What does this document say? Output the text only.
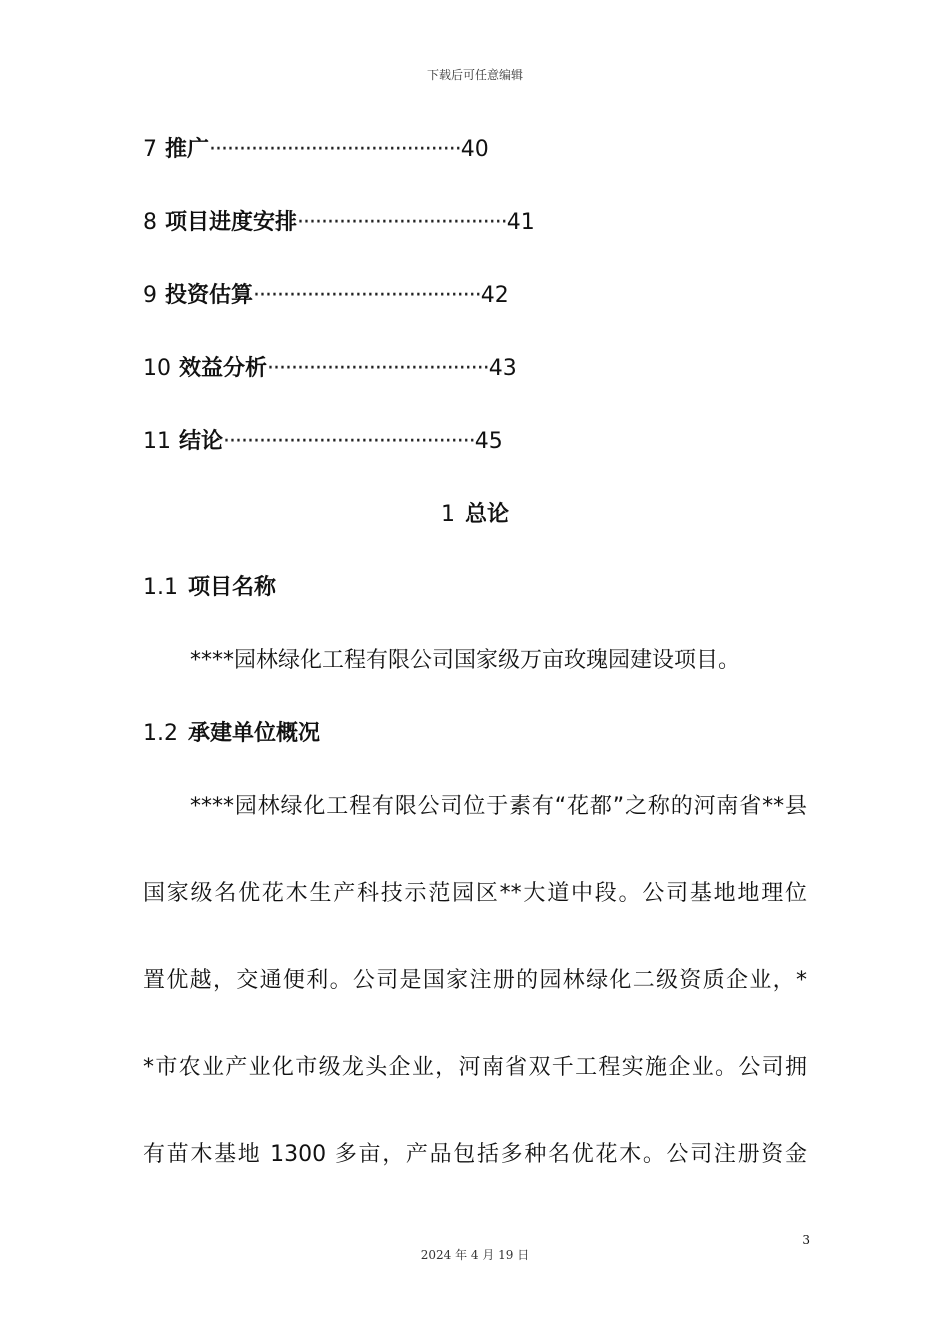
下载后可任意编辑
7 推广··········································40
8 项目进度安排···································41
9 投资估算······································42
10 效益分析·····································43
11 结论··········································45
1 总论
1.1 项目名称
****园林绿化工程有限公司国家级万亩玫瑰园建设项目。
1.2 承建单位概况
****园林绿化工程有限公司位于素有“花都”之称的河南省**县
国家级名优花木生产科技示范园区**大道中段。公司基地地理位
置优越，交通便利。公司是国家注册的园林绿化二级资质企业，*
*市农业产业化市级龙头企业，河南省双千工程实施企业。公司拥
有苗木基地 1300 多亩，产品包括多种名优花木。公司注册资金
3
2024 年 4 月 19 日
